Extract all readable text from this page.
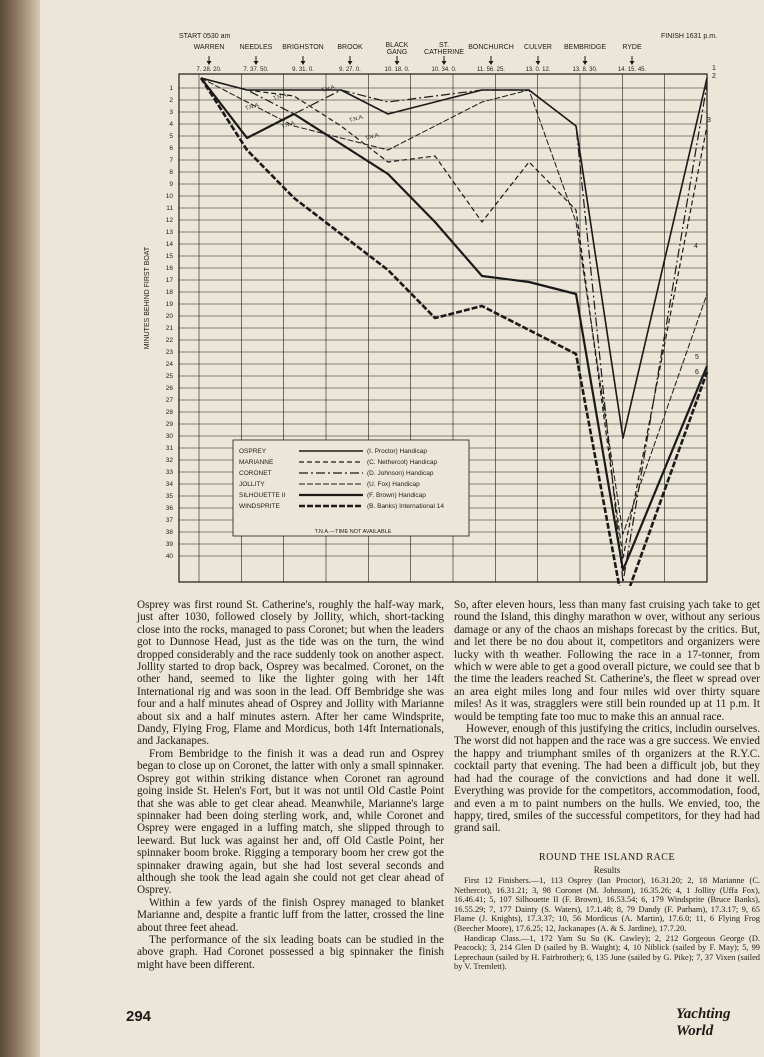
1
2
3
4
5
6
7
8
9
10
11
12
13
14
15
16
17
18
19
20
21
22
23
24
25
26
27
28
29
30
31
32
33
34
35
36
37
38
39
40
START 0530 am	FINISH 1631 p.m.
WARREN
7. 28. 20.
NEEDLES
7. 37. 50.
BRIGHSTON
9. 31. 0.
BROOK
9. 27. 0.
BLACK
GANG
10. 18. 0.
ST.
CATHERINE
10. 34. 0.
BONCHURCH
11. 56. 25.
CULVER
13. 0. 12.
BEMBRIDGE
13. 8. 30.
RYDE
14. 15. 45.
MINUTES BEHIND FIRST BOAT
T.N.A.
T.N.A.
T.N.A.
T.N.A.
T.N.A.
T.N.A.
1
2
3
4
5
6
OSPREY	(I. Proctor) Handicap
MARIANNE	(C. Nethercot) Handicap
CORONET	(D. Johnson) Handicap
JOLLITY	(U. Fox) Handicap
SILHOUETTE II	(F. Brown) Handicap
WINDSPRITE	(B. Banks) International 14
T.N.A.—TIME NOT AVAILABLE

Osprey was first round St. Catherine's, roughly the half-way mark, just after 1030, followed closely by Jollity, which, short-tacking close into the rocks, managed to pass Coronet; but when the leaders got to Dunnose Head, just as the tide was on the turn, the wind dropped considerably and the race suddenly took on another aspect. Jollity started to drop back, Osprey was becalmed. Coronet, on the other hand, seemed to like the lighter going with her 14ft International rig and was soon in the lead. Off Bembridge she was four and a half minutes ahead of Osprey and Jollity with Marianne about six and a half minutes astern. After her came Windsprite, Dandy, Flying Frog, Flame and Mordicus, both 14ft Internationals, and Jackanapes.

From Bembridge to the finish it was a dead run and Osprey began to close up on Coronet, the latter with only a small spinnaker. Osprey got within striking distance when Coronet ran aground going inside St. Helen's Fort, but it was not until Old Castle Point that she was able to get clear ahead. Meanwhile, Marianne's large spinnaker had been doing sterling work, and, while Coronet and Osprey were engaged in a luffing match, she slipped through to leeward. But luck was against her and, off Old Castle Point, her spinnaker boom broke. Rigging a temporary boom her crew got the spinnaker drawing again, but she had lost several seconds and although she took the lead again she could not get clear ahead of Osprey.

Within a few yards of the finish Osprey managed to blanket Marianne and, despite a frantic luff from the latter, crossed the line about three feet ahead.

The performance of the six leading boats can be studied in the above graph. Had Coronet possessed a big spinnaker the finish might have been different.

So, after eleven hours, less than many fast cruising yach take to get round the Island, this dinghy marathon w over, without any serious damage or any of the chaos an mishaps forecast by the critics. But, and let there be no dou about it, competitors and organizers were lucky with th weather. Following the race in a 17-tonner, from which w were able to get a good overall picture, we could see that b the time the leaders reached St. Catherine's, the fleet w spread over an area eight miles long and four miles wid over thirty square miles! As it was, stragglers were still bein rounded up at 11 p.m. It would be tempting fate too muc to make this an annual race.

However, enough of this justifying the critics, includin ourselves. The worst did not happen and the race was a gre success. We envied the happy and triumphant smiles of th organizers at the R.Y.C. cocktail party that evening. The had been a difficult job, but they had had the courage of the convictions and had done it well. Everything was provide for the competitors, accommodation, food, and even a m to paint numbers on the hulls. We envied, too, the happy, tired, smiles of the successful competitors, for they had had grand sail.

ROUND THE ISLAND RACE
Results

First 12 Finishers.—1, 113 Osprey (Ian Proctor), 16.31.20; 2, 18 Marianne (C. Nethercot), 16.31.21; 3, 98 Coronet (M. Johnson), 16.35.26; 4, 1 Jollity (Uffa Fox), 16.46.41; 5, 107 Silhouette II (F. Brown), 16.53.54; 6, 179 Windsprite (Bruce Banks), 16.55.29; 7, 177 Dainty (S. Waters), 17.1.48; 8, 79 Dandy (F. Parham), 17.3.17; 9, 65 Flame (J. Knights), 17.3.37; 10, 56 Mordicus (A. Martin), 17.6.0; 11, 6 Flying Frog (Beecher Moore), 17.6.25; 12, Jackanapes (A. & S. Jardine), 17.7.20.

Handicap Class.—1, 172 Yam Su Su (K. Cawley); 2, 212 Gorgeous George (D. Peacock); 3, 214 Glen D (sailed by B. Waight); 4, 10 Niblick (sailed by F. May); 5, 99 Leprechaun (sailed by H. Fairbrother); 6, 135 June (sailed by G. Pike); 7, 37 Vixen (sailed by V. Tremlett).

294	Yachting World
